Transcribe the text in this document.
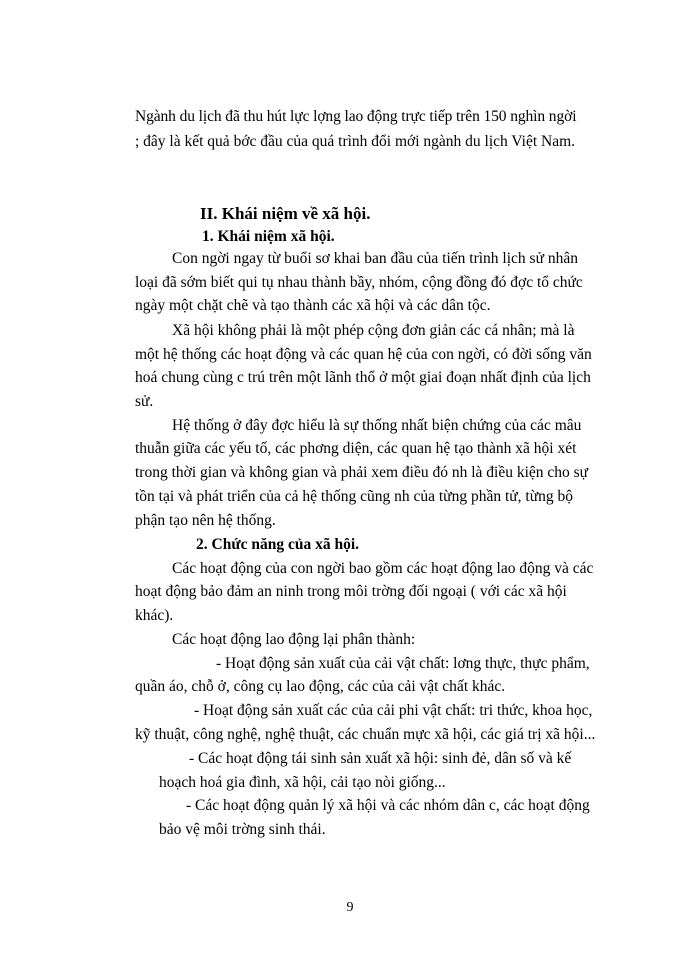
Ngành du lịch đã thu hút lực lợng lao động trực tiếp trên 150 nghìn ngời
; đây là kết quả bớc đầu của quá trình đổi mới ngành du lịch Việt Nam.
II. Khái niệm về xã hội.
1. Khái niệm xã hội.
Con ngời ngay từ buổi sơ khai ban đầu của tiến trình lịch sử nhân
loại đã sớm biết qui tụ nhau thành bầy, nhóm, cộng đồng đó đợc tổ chức
ngày một chặt chẽ và tạo thành các xã hội và các dân tộc.
Xã hội không phải là một phép cộng đơn giản các cá nhân; mà là
một hệ thống các hoạt động và các quan hệ của con ngời, có đời sống văn
hoá chung cùng c trú trên một lãnh thổ ở một giai đoạn nhất định của lịch
sử.
Hệ thống ở đây đợc hiểu là sự thống nhất biện chứng của các mâu
thuẫn giữa các yếu tố, các phơng diện, các quan hệ tạo thành xã hội xét
trong thời gian và không gian và phải xem điều đó nh là điều kiện cho sự
tồn tại và phát triển của cả hệ thống cũng nh của từng phần tử, từng bộ
phận tạo nên hệ thống.
2. Chức năng của xã hội.
Các hoạt động của con ngời bao gồm các hoạt động lao động và các
hoạt động bảo đảm an ninh trong môi trờng đối ngoại ( với các xã hội
khác).
Các hoạt động lao động lại phân thành:
- Hoạt động sản xuất của cải vật chất: lơng thực, thực phẩm,
quần áo, chỗ ở, công cụ lao động, các của cải vật chất khác.
- Hoạt động sản xuất các của cải phi vật chất: tri thức, khoa học,
kỹ thuật, công nghệ, nghệ thuật, các chuẩn mực xã hội, các giá trị xã hội...
- Các hoạt động tái sinh sản xuất xã hội: sinh đẻ, dân số và kế
hoạch hoá gia đình, xã hội, cải tạo nòi giống...
- Các hoạt động quản lý xã hội và các nhóm dân c, các hoạt động
bảo vệ môi trờng sinh thái.
9
